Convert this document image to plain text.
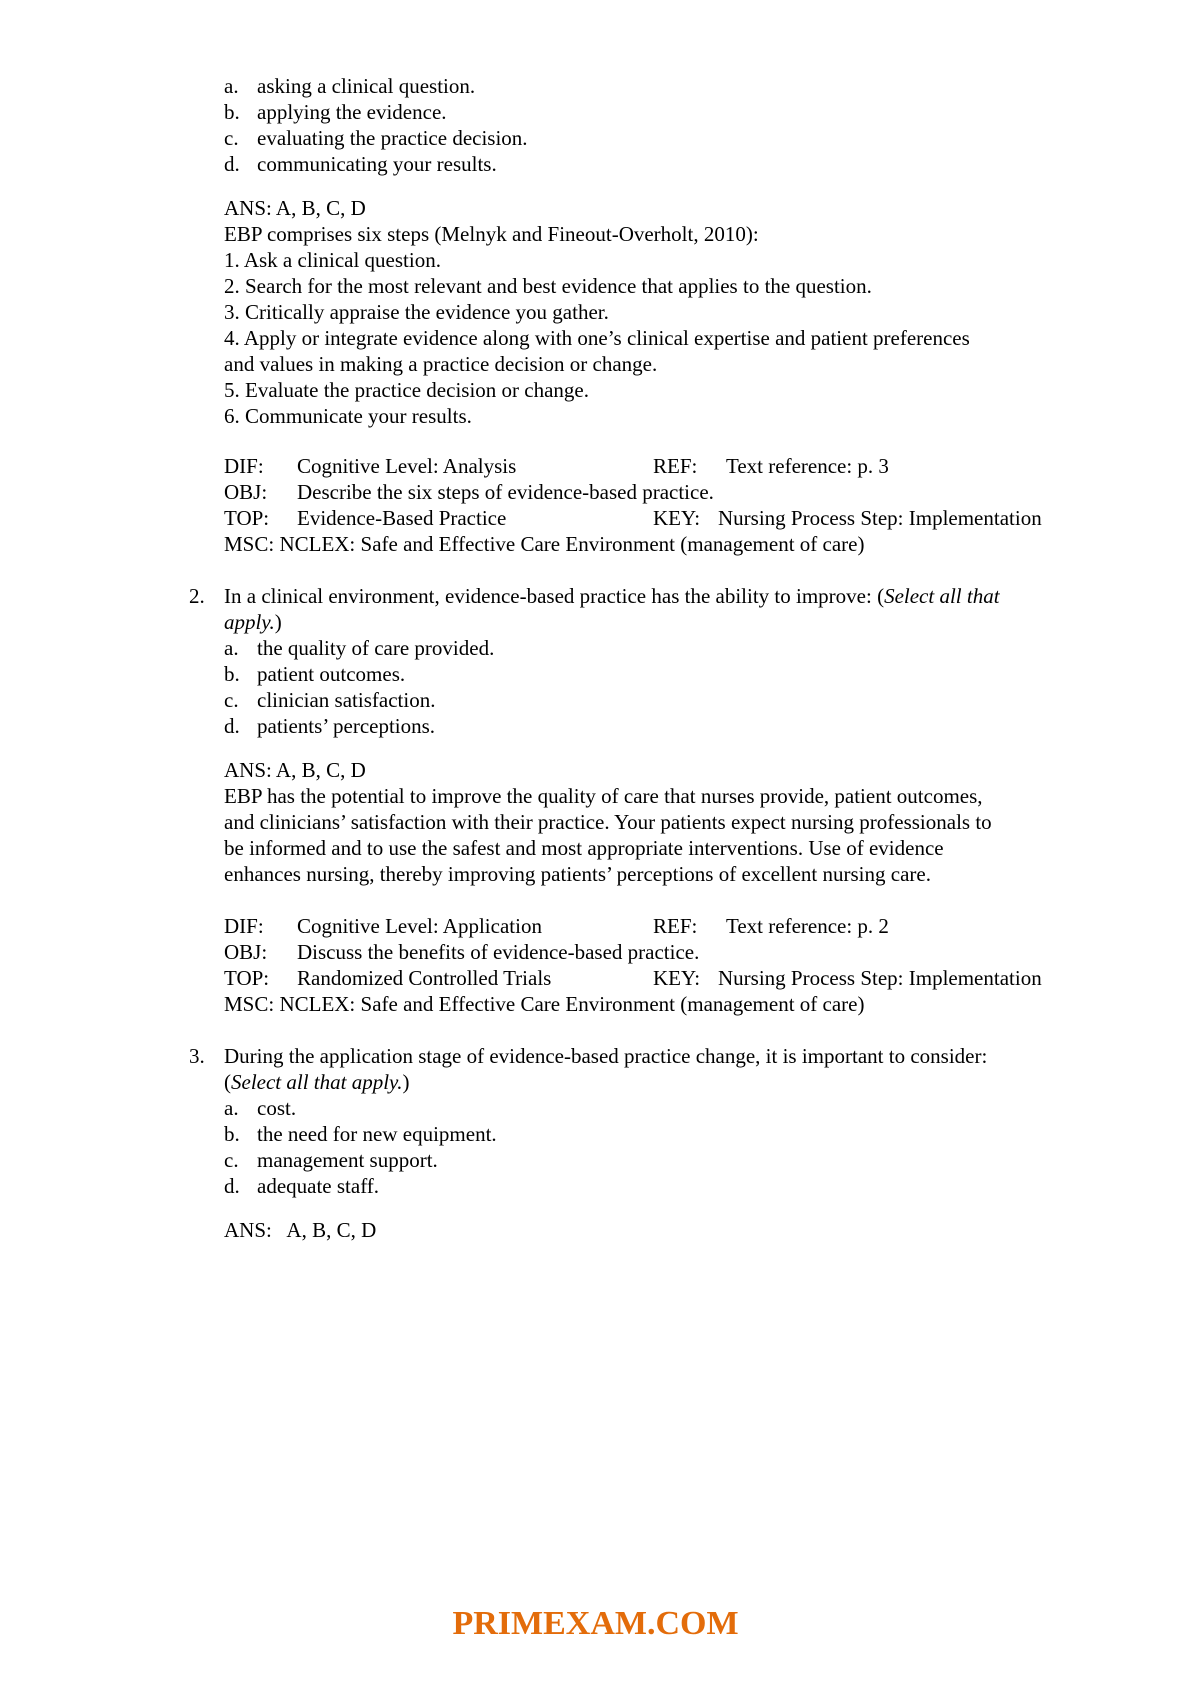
a. asking a clinical question.
b. applying the evidence.
c. evaluating the practice decision.
d. communicating your results.
ANS: A, B, C, D
EBP comprises six steps (Melnyk and Fineout-Overholt, 2010):
1. Ask a clinical question.
2. Search for the most relevant and best evidence that applies to the question.
3. Critically appraise the evidence you gather.
4. Apply or integrate evidence along with one’s clinical expertise and patient preferences
and values in making a practice decision or change.
5. Evaluate the practice decision or change.
6. Communicate your results.
DIF: Cognitive Level: Analysis	REF: Text reference: p. 3
OBJ: Describe the six steps of evidence-based practice.
TOP: Evidence-Based Practice	KEY: Nursing Process Step: Implementation
MSC: NCLEX: Safe and Effective Care Environment (management of care)
2. In a clinical environment, evidence-based practice has the ability to improve: (Select all that
apply.)
a. the quality of care provided.
b. patient outcomes.
c. clinician satisfaction.
d. patients’ perceptions.
ANS: A, B, C, D
EBP has the potential to improve the quality of care that nurses provide, patient outcomes,
and clinicians’ satisfaction with their practice. Your patients expect nursing professionals to
be informed and to use the safest and most appropriate interventions. Use of evidence
enhances nursing, thereby improving patients’ perceptions of excellent nursing care.
DIF: Cognitive Level: Application	REF: Text reference: p. 2
OBJ: Discuss the benefits of evidence-based practice.
TOP: Randomized Controlled Trials	KEY: Nursing Process Step: Implementation
MSC: NCLEX: Safe and Effective Care Environment (management of care)
3. During the application stage of evidence-based practice change, it is important to consider:
(Select all that apply.)
a. cost.
b. the need for new equipment.
c. management support.
d. adequate staff.
ANS:   A, B, C, D
PRIMEXAM.COM
